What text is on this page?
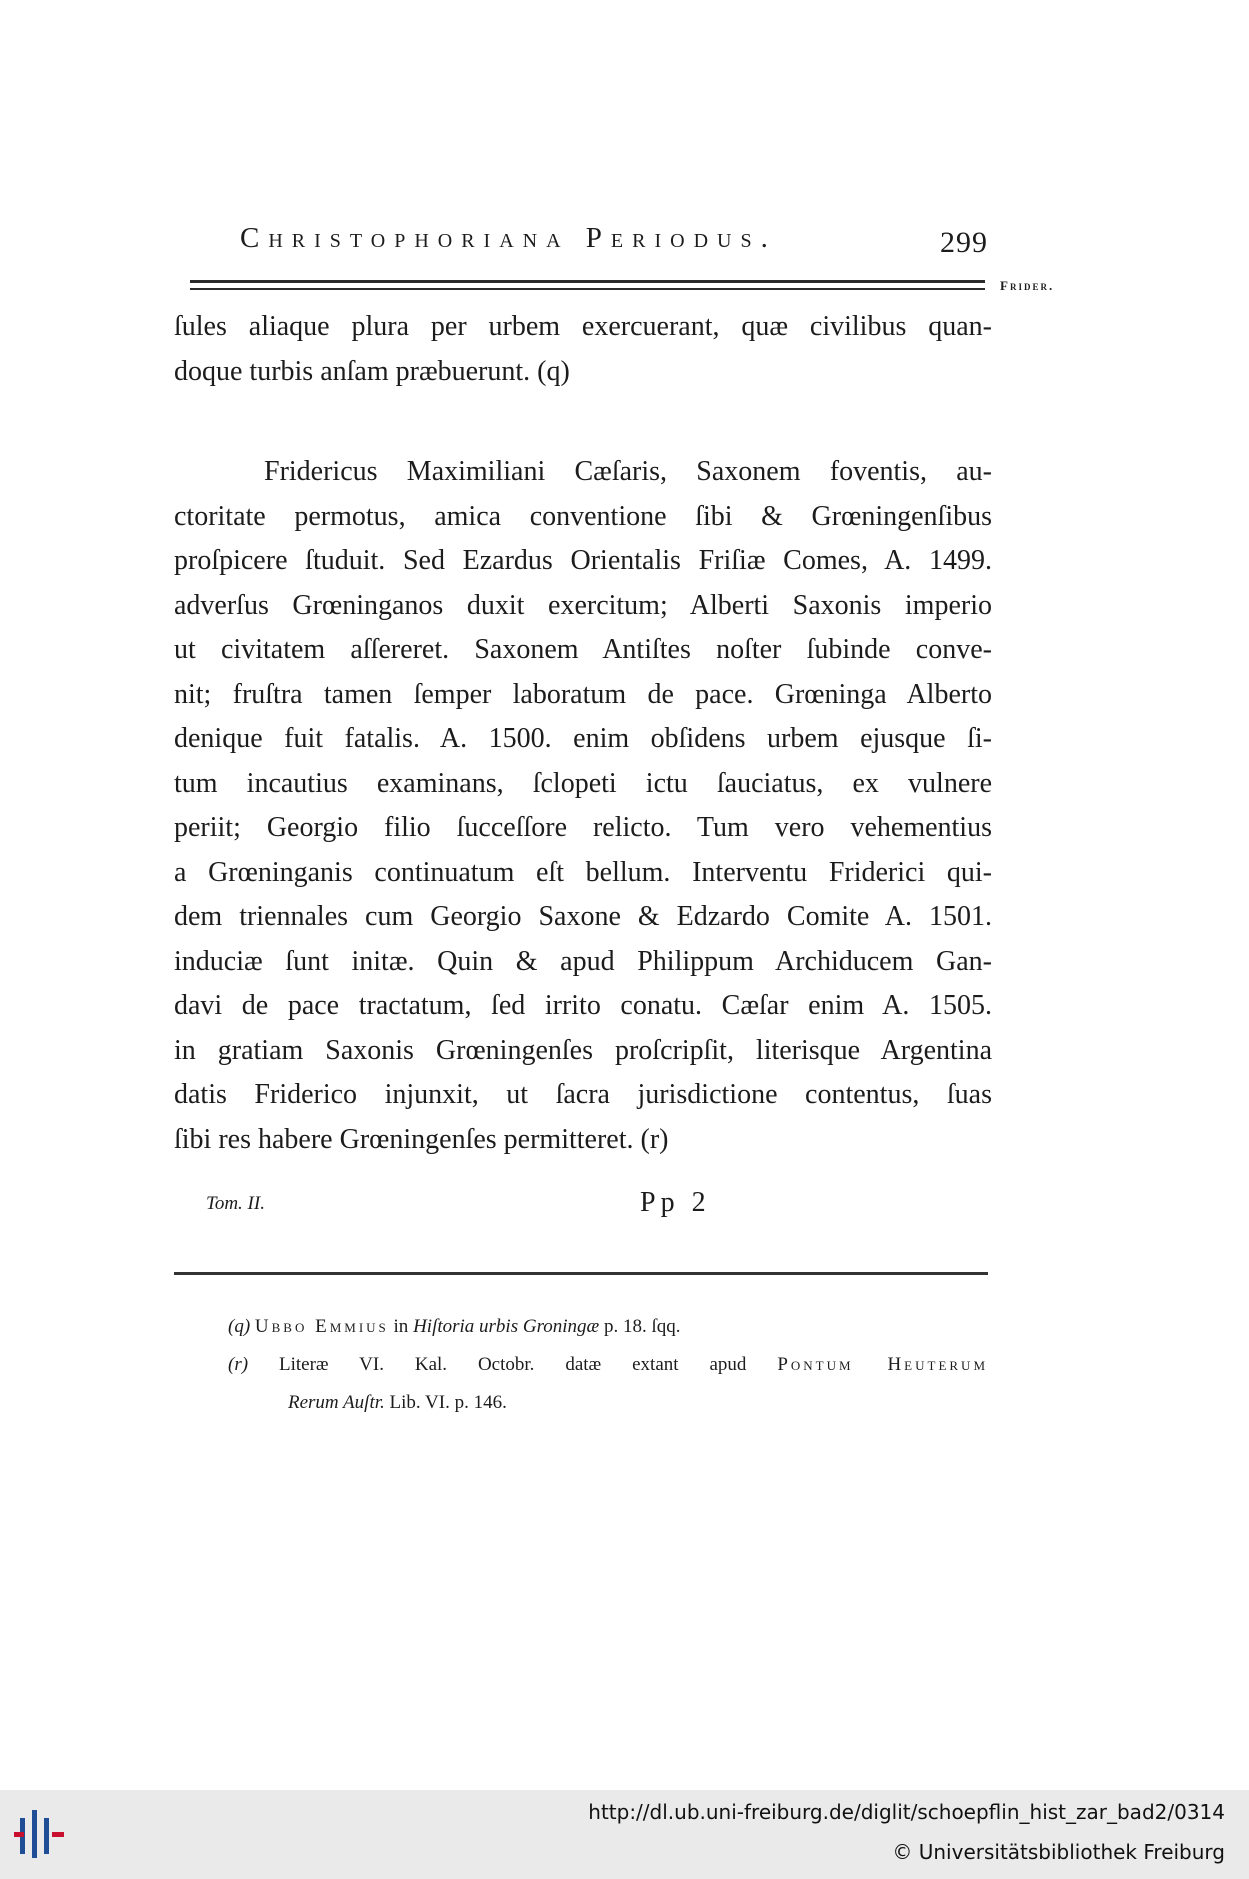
Christophoriana Periodus.	299
Frider.
ſules aliaque plura per urbem exercuerant, quæ civilibus quan-
doque turbis anſam præbuerunt. (q)
Fridericus Maximiliani Cæſaris, Saxonem foventis, au-
ctoritate permotus, amica conventione ſibi & Grœningenſibus
proſpicere ſtuduit. Sed Ezardus Orientalis Friſiæ Comes, A. 1499.
adverſus Grœninganos duxit exercitum; Alberti Saxonis imperio
ut civitatem aſſereret. Saxonem Antiſtes noſter ſubinde conve-
nit; fruſtra tamen ſemper laboratum de pace. Grœninga Alberto
denique fuit fatalis. A. 1500. enim obſidens urbem ejusque ſi-
tum incautius examinans, ſclopeti ictu ſauciatus, ex vulnere
periit; Georgio filio ſucceſſore relicto. Tum vero vehementius
a Grœninganis continuatum eſt bellum. Interventu Friderici qui-
dem triennales cum Georgio Saxone & Edzardo Comite A. 1501.
induciæ ſunt initæ. Quin & apud Philippum Archiducem Gan-
davi de pace tractatum, ſed irrito conatu. Cæſar enim A. 1505.
in gratiam Saxonis Grœningenſes proſcripſit, literisque Argentina
datis Friderico injunxit, ut ſacra jurisdictione contentus, ſuas
ſibi res habere Grœningenſes permitteret. (r)
Tom. II.	Pp 2
(q) Ubbo Emmius in Hiſtoria urbis Groningæ p. 18. ſqq.
(r) Literæ VI. Kal. Octobr. datæ extant apud Pontum Heuterum
Rerum Auſtr. Lib. VI. p. 146.
http://dl.ub.uni-freiburg.de/diglit/schoepflin_hist_zar_bad2/0314
© Universitätsbibliothek Freiburg
